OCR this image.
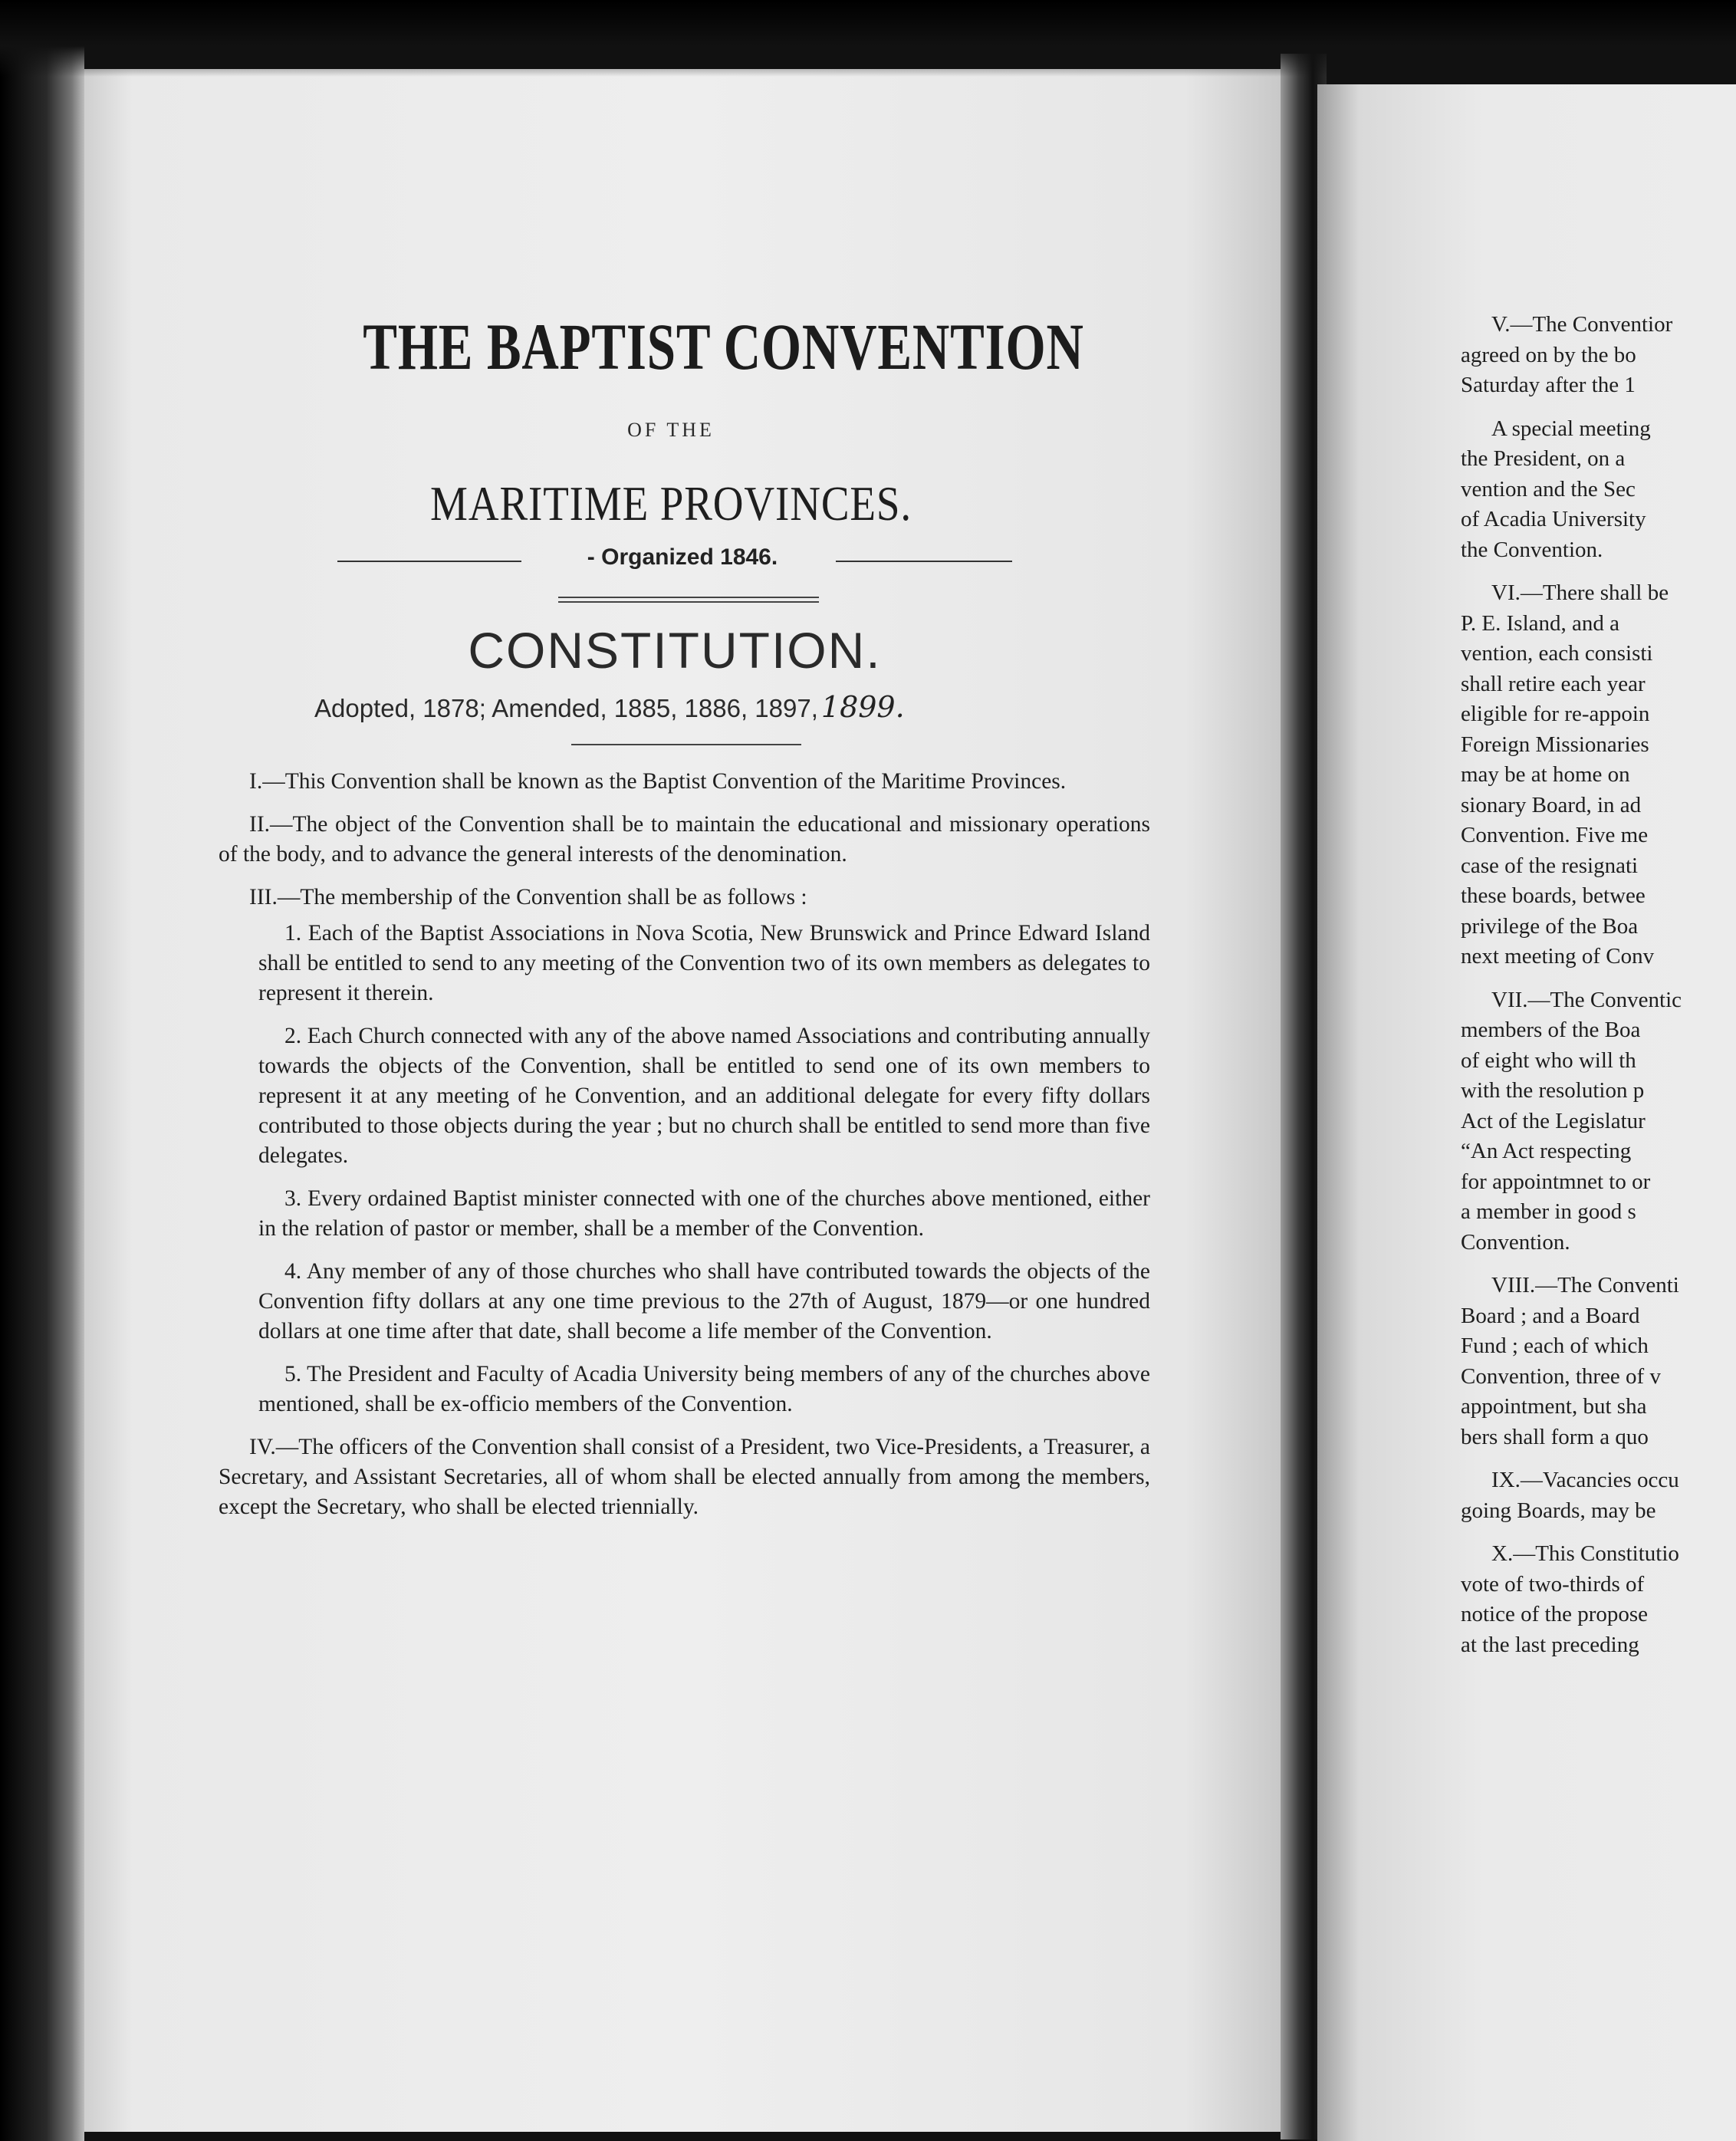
THE BAPTIST CONVENTION
OF THE
MARITIME PROVINCES.
- Organized 1846.
CONSTITUTION.
Adopted, 1878; Amended, 1885, 1886, 1897, 1899.

I.—This Convention shall be known as the Baptist Convention of the Maritime Provinces.

II.—The object of the Convention shall be to maintain the educational and missionary operations of the body, and to advance the general interests of the denomination.

III.—The membership of the Convention shall be as follows :

1. Each of the Baptist Associations in Nova Scotia, New Brunswick and Prince Edward Island shall be entitled to send to any meeting of the Convention two of its own members as delegates to represent it therein.

2. Each Church connected with any of the above named Associations and contributing annually towards the objects of the Convention, shall be entitled to send one of its own members to represent it at any meeting of he Convention, and an additional delegate for every fifty dollars contributed to those objects during the year ; but no church shall be entitled to send more than five delegates.

3. Every ordained Baptist minister connected with one of the churches above mentioned, either in the relation of pastor or member, shall be a member of the Convention.

4. Any member of any of those churches who shall have contributed towards the objects of the Convention fifty dollars at any one time previous to the 27th of August, 1879—or one hundred dollars at one time after that date, shall become a life member of the Convention.

5. The President and Faculty of Acadia University being members of any of the churches above mentioned, shall be ex-officio members of the Convention.

IV.—The officers of the Convention shall consist of a President, two Vice-Presidents, a Treasurer, a Secretary, and Assistant Secretaries, all of whom shall be elected annually from among the members, except the Secretary, who shall be elected triennially.

V.—The Conventior
agreed on by the bo
Saturday after the 1

A special meeting
the President, on a
vention and the Sec
of Acadia University
the Convention.

VI.—There shall be
P. E. Island, and a
vention, each consisti
shall retire each year
eligible for re-appoin
Foreign Missionaries
may be at home on
sionary Board, in ad
Convention. Five me
case of the resignati
these boards, betwee
privilege of the Boa
next meeting of Conv

VII.—The Conventic
members of the Boa
of eight who will th
with the resolution p
Act of the Legislatur
“An Act respecting
for appointmnet to or
a member in good s
Convention.

VIII.—The Conventi
Board ; and a Board
Fund ; each of which
Convention, three of v
appointment, but sha
bers shall form a quo

IX.—Vacancies occu
going Boards, may be

X.—This Constitutio
vote of two-thirds of
notice of the propose
at the last preceding
